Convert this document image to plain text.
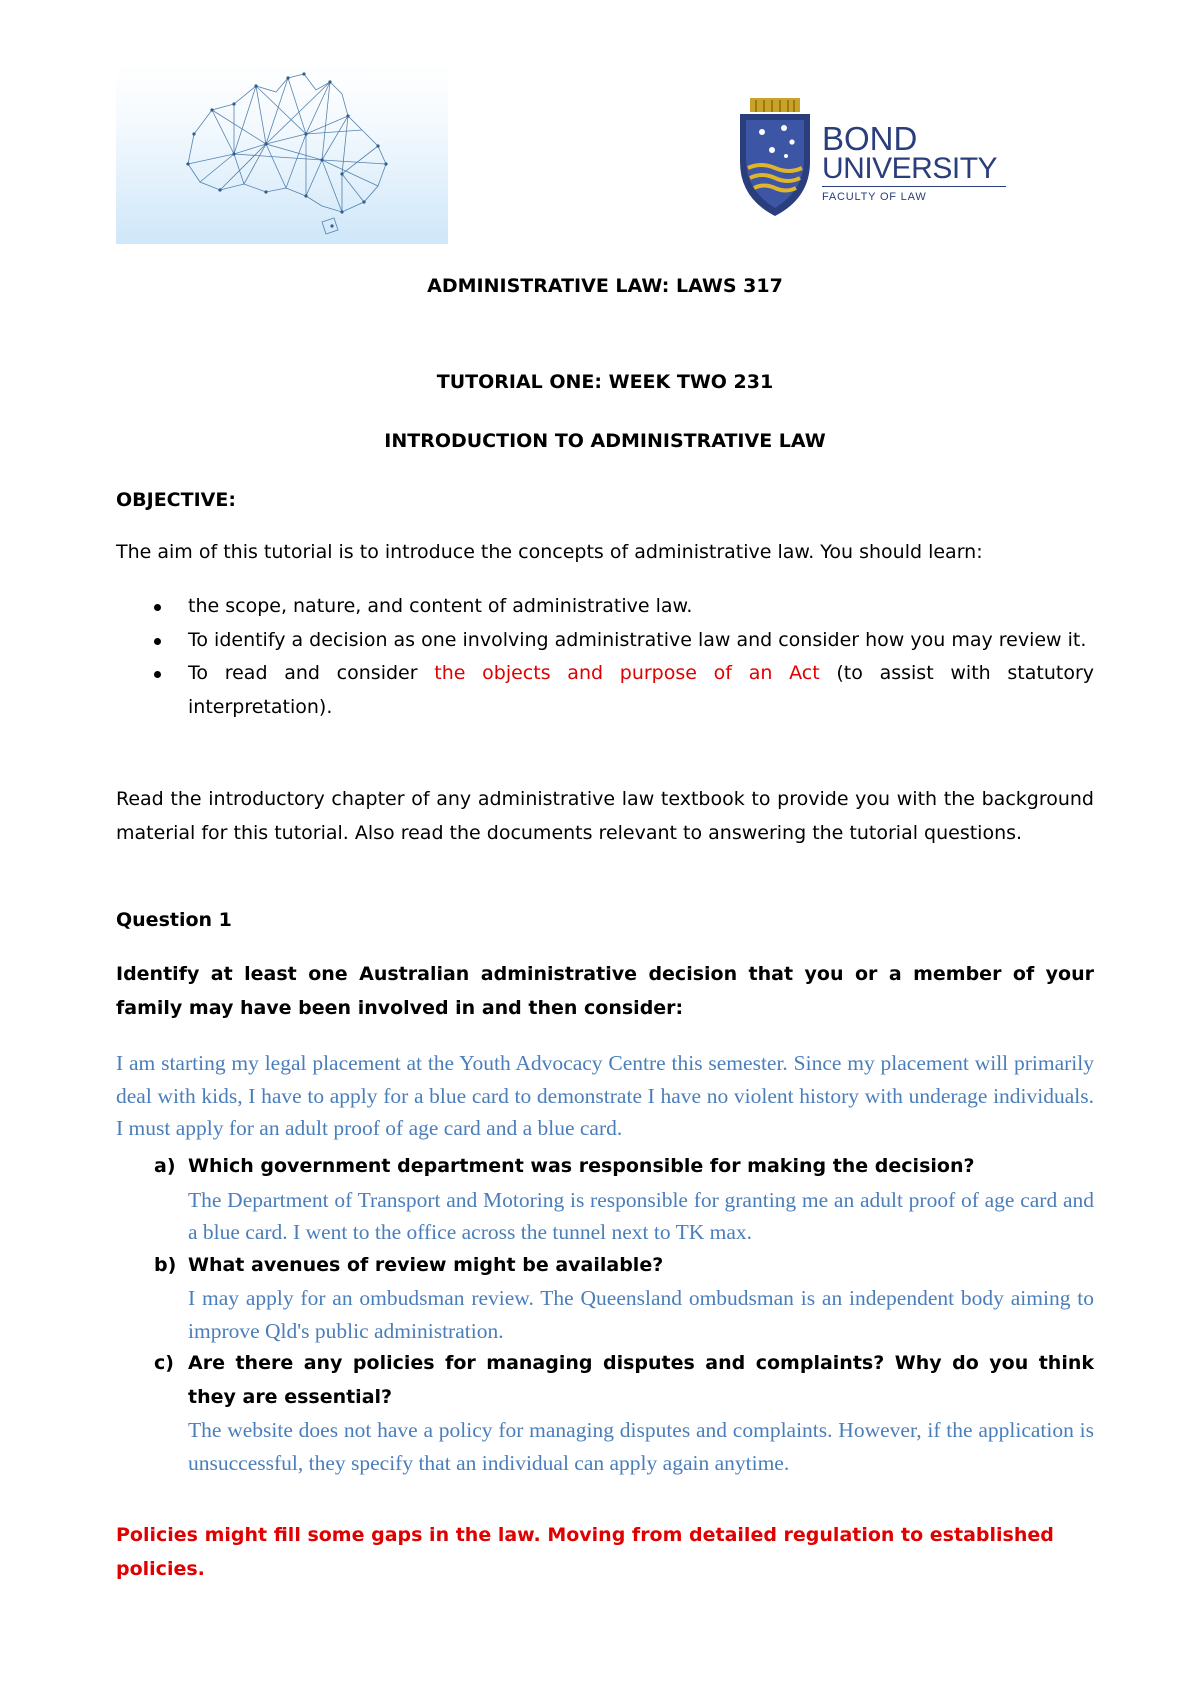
BOND
UNIVERSITY
FACULTY OF LAW
ADMINISTRATIVE LAW: LAWS 317
TUTORIAL ONE: WEEK TWO 231
INTRODUCTION TO ADMINISTRATIVE LAW
OBJECTIVE:
The aim of this tutorial is to introduce the concepts of administrative law. You should learn:
the scope, nature, and content of administrative law.
To identify a decision as one involving administrative law and consider how you may review it.
To read and consider the objects and purpose of an Act (to assist with statutory interpretation).
Read the introductory chapter of any administrative law textbook to provide you with the background material for this tutorial. Also read the documents relevant to answering the tutorial questions.
Question 1
Identify at least one Australian administrative decision that you or a member of your family may have been involved in and then consider:
I am starting my legal placement at the Youth Advocacy Centre this semester. Since my placement will primarily deal with kids, I have to apply for a blue card to demonstrate I have no violent history with underage individuals. I must apply for an adult proof of age card and a blue card.
a) Which government department was responsible for making the decision?
The Department of Transport and Motoring is responsible for granting me an adult proof of age card and a blue card. I went to the office across the tunnel next to TK max.
b) What avenues of review might be available?
I may apply for an ombudsman review. The Queensland ombudsman is an independent body aiming to improve Qld's public administration.
c) Are there any policies for managing disputes and complaints? Why do you think they are essential?
The website does not have a policy for managing disputes and complaints. However, if the application is unsuccessful, they specify that an individual can apply again anytime.
Policies might fill some gaps in the law. Moving from detailed regulation to established policies.
